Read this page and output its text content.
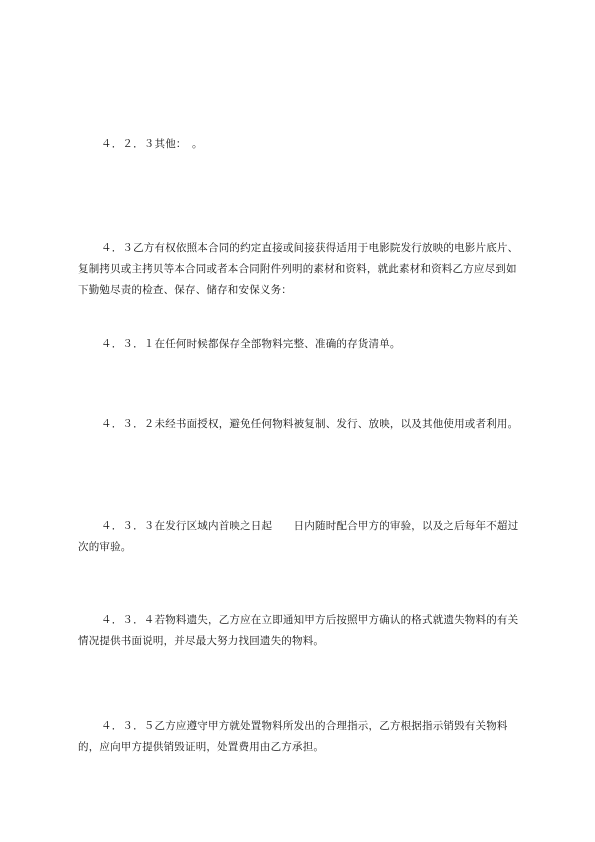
４．２．３其他：　。

４．３乙方有权依照本合同的约定直接或间接获得适用于电影院发行放映的电影片底片、复制拷贝或主拷贝等本合同或者本合同附件列明的素材和资料，就此素材和资料乙方应尽到如下勤勉尽责的检查、保存、储存和安保义务：

４．３．１在任何时候都保存全部物料完整、准确的存货清单。

４．３．２未经书面授权，避免任何物料被复制、发行、放映，以及其他使用或者利用。

４．３．３在发行区域内首映之日起　　日内随时配合甲方的审验，以及之后每年不超过　　次的审验。

４．３．４若物料遗失，乙方应在立即通知甲方后按照甲方确认的格式就遗失物料的有关情况提供书面说明，并尽最大努力找回遗失的物料。

４．３．５乙方应遵守甲方就处置物料所发出的合理指示，乙方根据指示销毁有关物料的，应向甲方提供销毁证明，处置费用由乙方承担。
